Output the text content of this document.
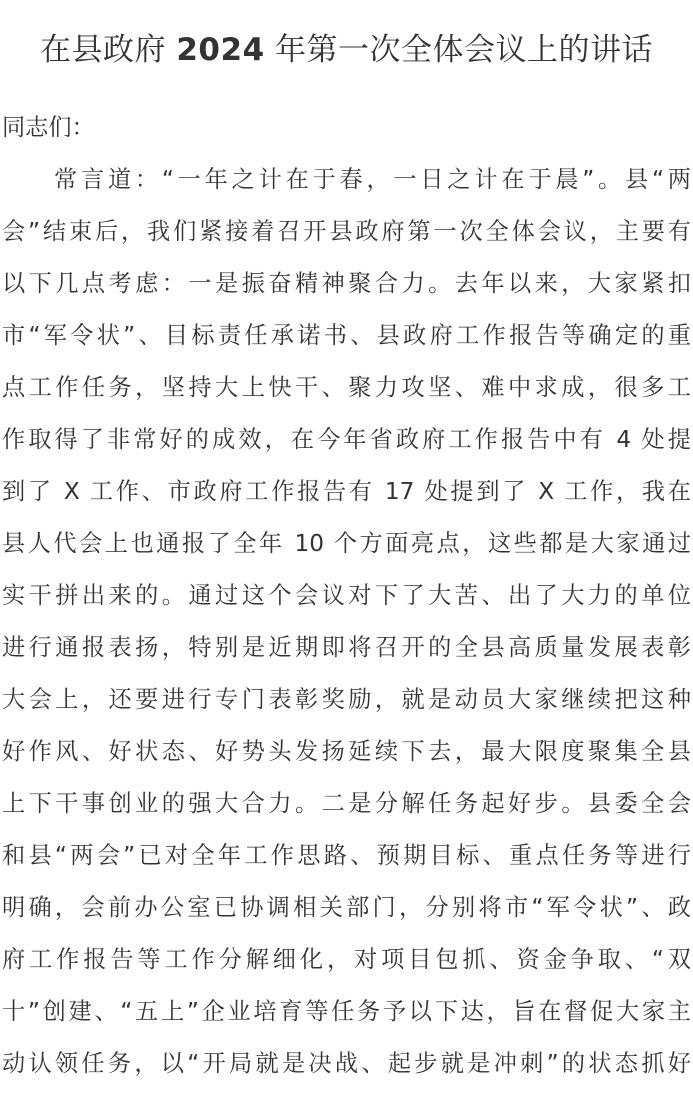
在县政府 2024 年第一次全体会议上的讲话
同志们：
常言道：“一年之计在于春，一日之计在于晨”。县“两
会”结束后，我们紧接着召开县政府第一次全体会议，主要有
以下几点考虑：一是振奋精神聚合力。去年以来，大家紧扣
市“军令状”、目标责任承诺书、县政府工作报告等确定的重
点工作任务，坚持大上快干、聚力攻坚、难中求成，很多工
作取得了非常好的成效，在今年省政府工作报告中有 4 处提
到了 X 工作、市政府工作报告有 17 处提到了 X 工作，我在
县人代会上也通报了全年 10 个方面亮点，这些都是大家通过
实干拼出来的。通过这个会议对下了大苦、出了大力的单位
进行通报表扬，特别是近期即将召开的全县高质量发展表彰
大会上，还要进行专门表彰奖励，就是动员大家继续把这种
好作风、好状态、好势头发扬延续下去，最大限度聚集全县
上下干事创业的强大合力。二是分解任务起好步。县委全会
和县“两会”已对全年工作思路、预期目标、重点任务等进行
明确，会前办公室已协调相关部门，分别将市“军令状”、政
府工作报告等工作分解细化，对项目包抓、资金争取、“双
十”创建、“五上”企业培育等任务予以下达，旨在督促大家主
动认领任务，以“开局就是决战、起步就是冲刺”的状态抓好
